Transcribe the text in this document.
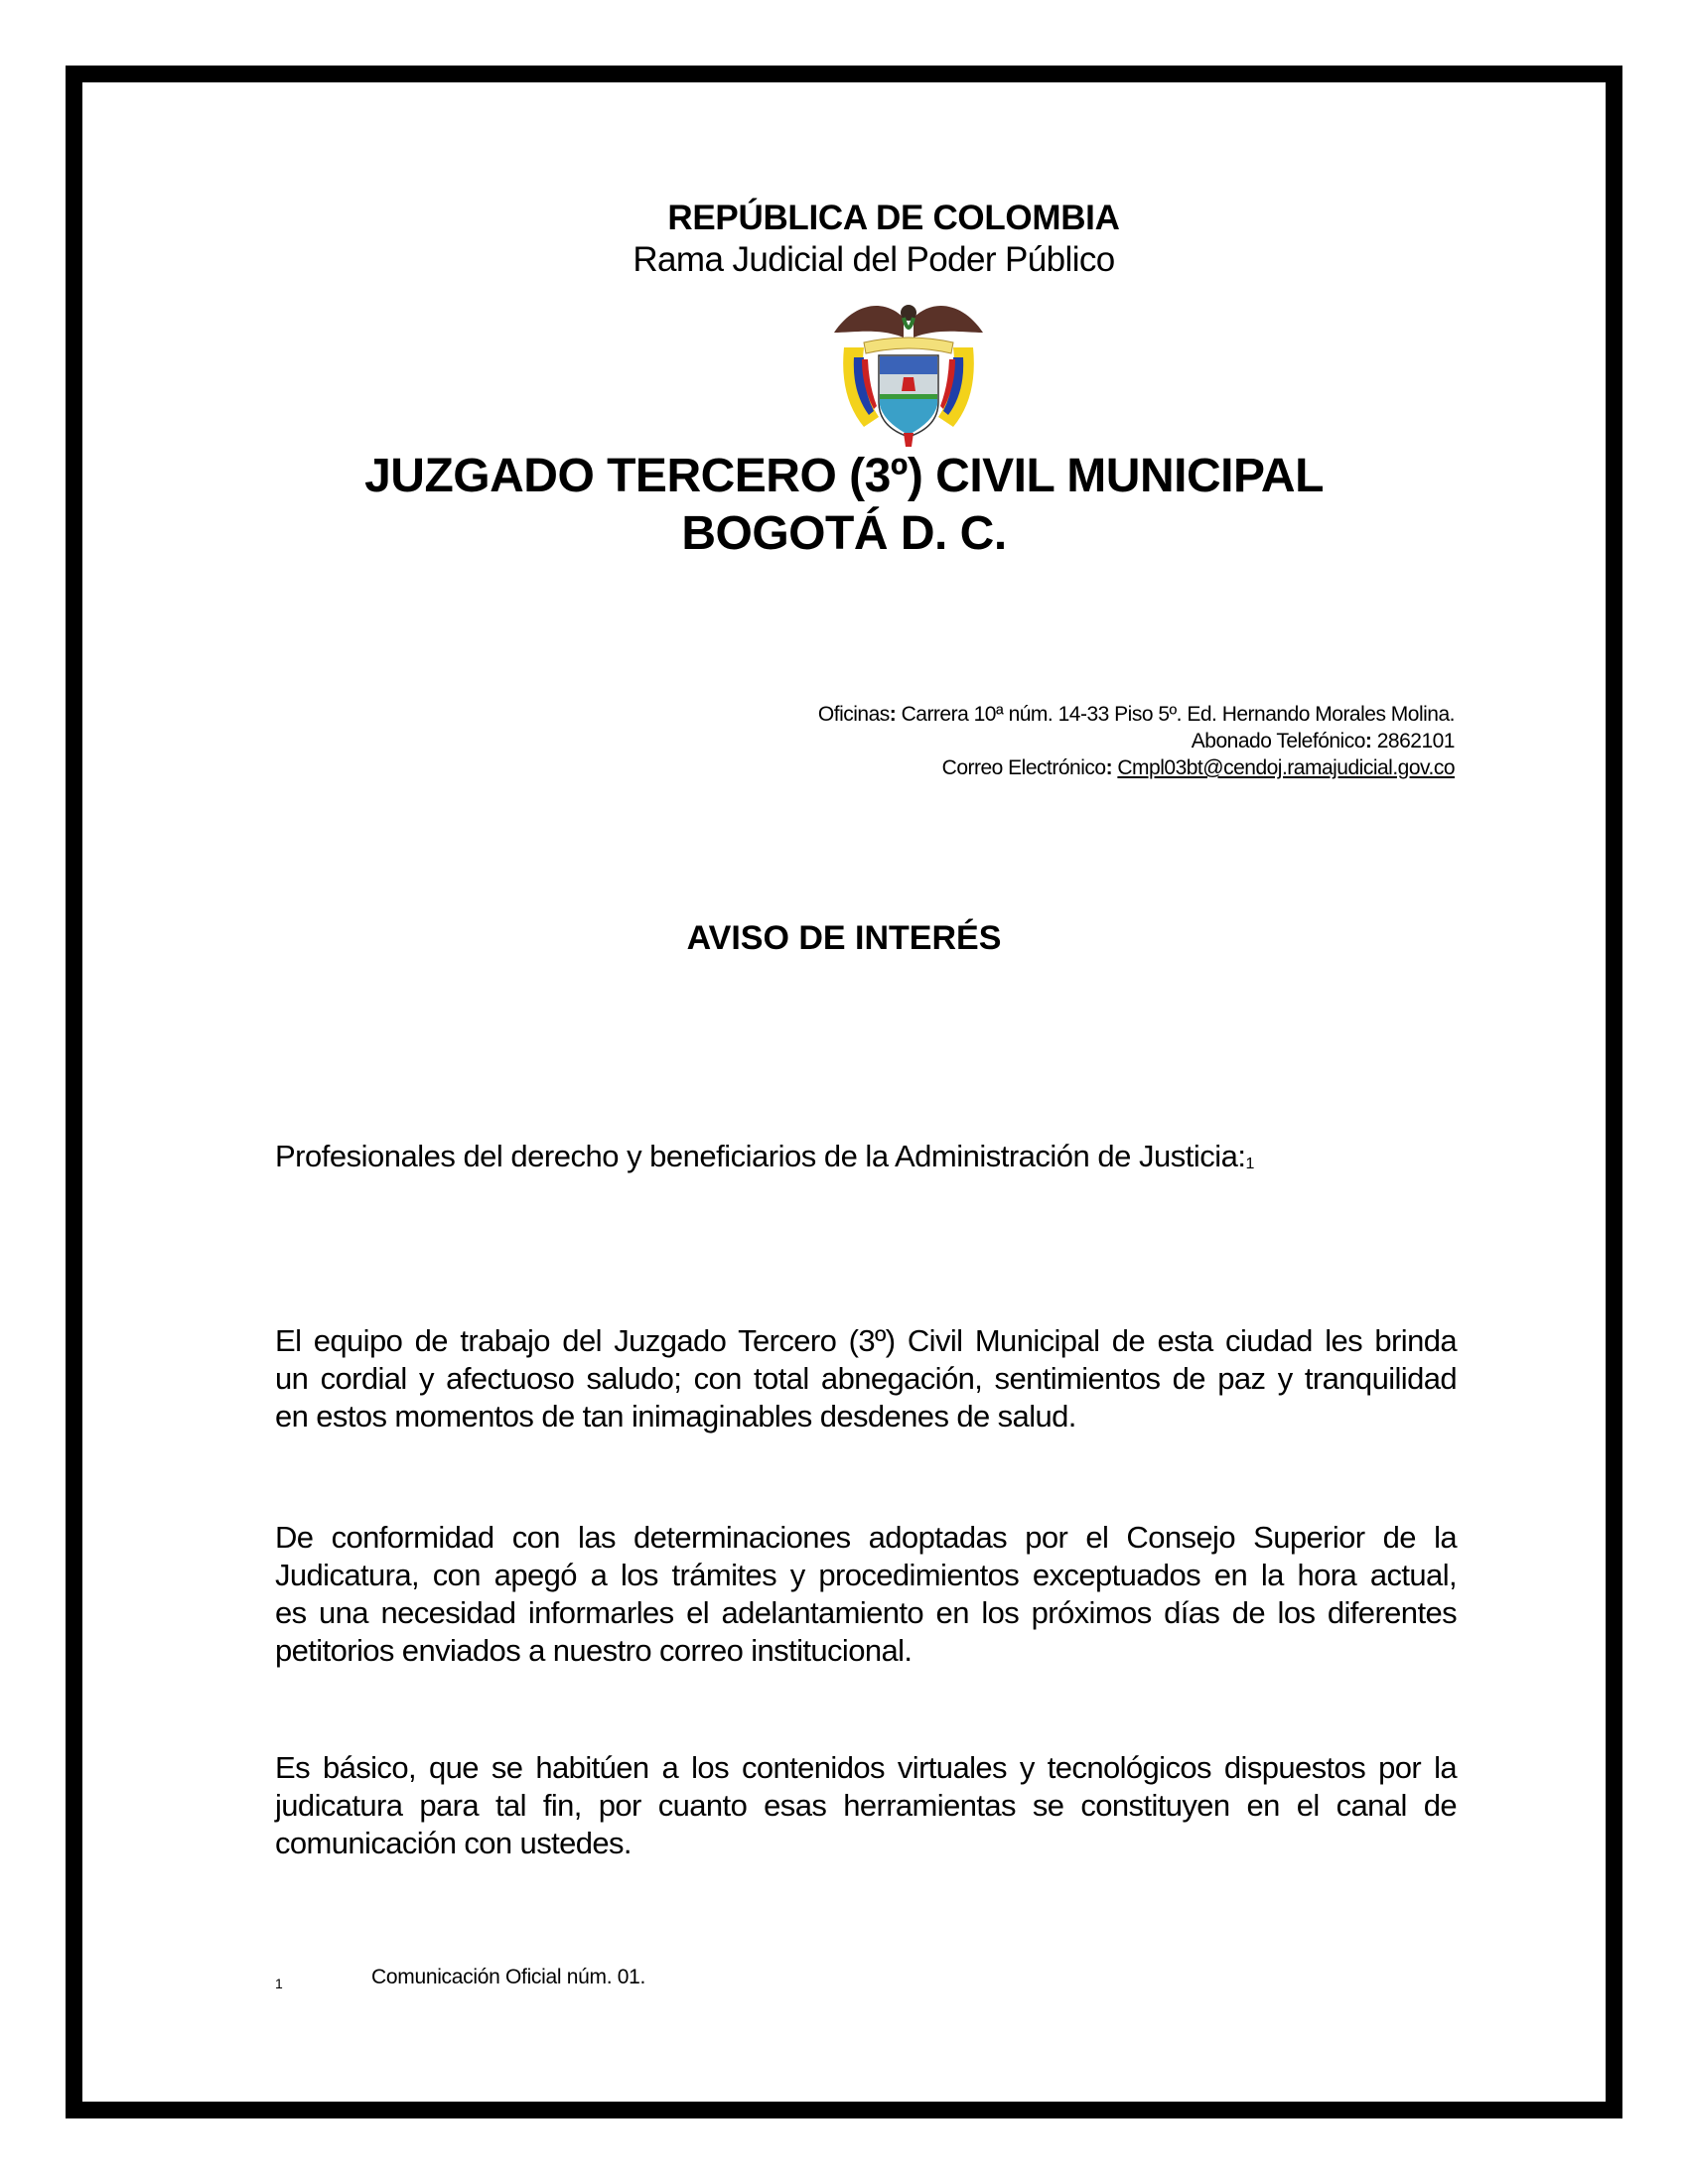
REPÚBLICA DE COLOMBIA
Rama Judicial del Poder Público
JUZGADO TERCERO (3º) CIVIL MUNICIPAL
BOGOTÁ D. C.
Oficinas: Carrera 10ª núm. 14-33 Piso 5º. Ed. Hernando Morales Molina.
Abonado Telefónico: 2862101
Correo Electrónico: Cmpl03bt@cendoj.ramajudicial.gov.co
AVISO DE INTERÉS
Profesionales del derecho y beneficiarios de la Administración de Justicia:$^1$
El equipo de trabajo del Juzgado Tercero (3º) Civil Municipal de esta ciudad les brinda
un cordial y afectuoso saludo; con total abnegación, sentimientos de paz y tranquilidad
en estos momentos de tan inimaginables desdenes de salud.
De conformidad con las determinaciones adoptadas por el Consejo Superior de la
Judicatura, con apegó a los trámites y procedimientos exceptuados en la hora actual,
es una necesidad informarles el adelantamiento en los próximos días de los diferentes
petitorios enviados a nuestro correo institucional.
Es básico, que se habitúen a los contenidos virtuales y tecnológicos dispuestos por la
judicatura para tal fin, por cuanto esas herramientas se constituyen en el canal de
comunicación con ustedes.
1	Comunicación Oficial núm. 01.
